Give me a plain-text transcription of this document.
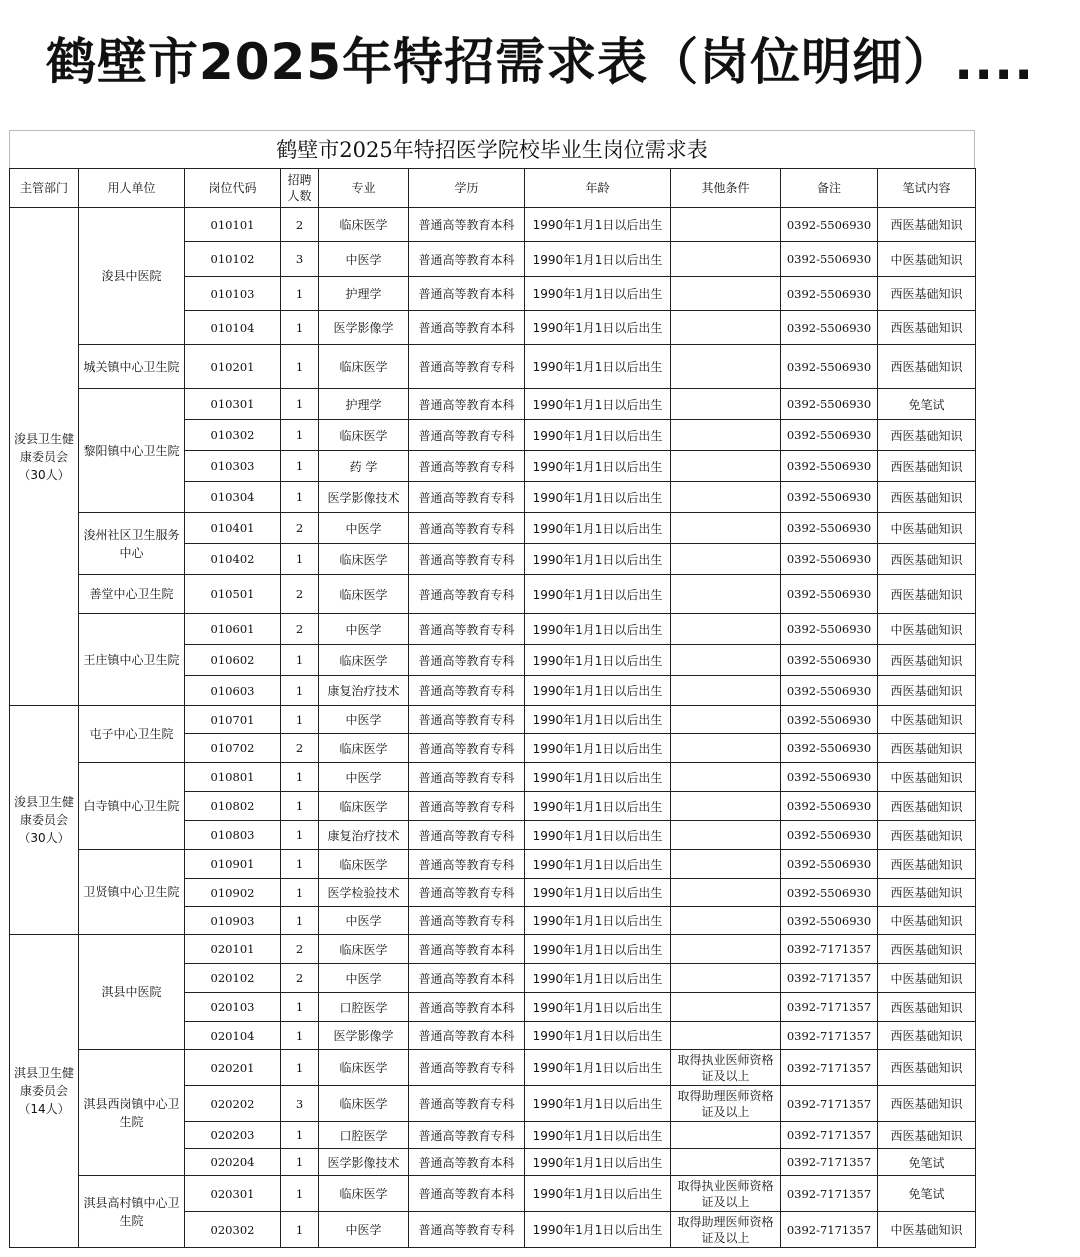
鹤壁市2025年特招需求表（岗位明细）....
鹤壁市2025年特招医学院校毕业生岗位需求表
主管部门	用人单位	岗位代码	招聘人数	专业	学历	年龄	其他条件	备注	笔试内容
浚县卫生健康委员会（30人）	浚县中医院	010101	2	临床医学	普通高等教育本科	1990年1月1日以后出生		0392-5506930	西医基础知识
		010102	3	中医学	普通高等教育本科	1990年1月1日以后出生		0392-5506930	中医基础知识
		010103	1	护理学	普通高等教育本科	1990年1月1日以后出生		0392-5506930	西医基础知识
		010104	1	医学影像学	普通高等教育本科	1990年1月1日以后出生		0392-5506930	西医基础知识
	城关镇中心卫生院	010201	1	临床医学	普通高等教育专科	1990年1月1日以后出生		0392-5506930	西医基础知识
	黎阳镇中心卫生院	010301	1	护理学	普通高等教育本科	1990年1月1日以后出生		0392-5506930	免笔试
		010302	1	临床医学	普通高等教育专科	1990年1月1日以后出生		0392-5506930	西医基础知识
		010303	1	药 学	普通高等教育专科	1990年1月1日以后出生		0392-5506930	西医基础知识
		010304	1	医学影像技术	普通高等教育专科	1990年1月1日以后出生		0392-5506930	西医基础知识
	浚州社区卫生服务中心	010401	2	中医学	普通高等教育专科	1990年1月1日以后出生		0392-5506930	中医基础知识
		010402	1	临床医学	普通高等教育专科	1990年1月1日以后出生		0392-5506930	西医基础知识
	善堂中心卫生院	010501	2	临床医学	普通高等教育专科	1990年1月1日以后出生		0392-5506930	西医基础知识
	王庄镇中心卫生院	010601	2	中医学	普通高等教育专科	1990年1月1日以后出生		0392-5506930	中医基础知识
		010602	1	临床医学	普通高等教育专科	1990年1月1日以后出生		0392-5506930	西医基础知识
		010603	1	康复治疗技术	普通高等教育专科	1990年1月1日以后出生		0392-5506930	西医基础知识
浚县卫生健康委员会（30人）	屯子中心卫生院	010701	1	中医学	普通高等教育专科	1990年1月1日以后出生		0392-5506930	中医基础知识
		010702	2	临床医学	普通高等教育专科	1990年1月1日以后出生		0392-5506930	西医基础知识
	白寺镇中心卫生院	010801	1	中医学	普通高等教育专科	1990年1月1日以后出生		0392-5506930	中医基础知识
		010802	1	临床医学	普通高等教育专科	1990年1月1日以后出生		0392-5506930	西医基础知识
		010803	1	康复治疗技术	普通高等教育专科	1990年1月1日以后出生		0392-5506930	西医基础知识
	卫贤镇中心卫生院	010901	1	临床医学	普通高等教育专科	1990年1月1日以后出生		0392-5506930	西医基础知识
		010902	1	医学检验技术	普通高等教育专科	1990年1月1日以后出生		0392-5506930	西医基础知识
		010903	1	中医学	普通高等教育专科	1990年1月1日以后出生		0392-5506930	中医基础知识
淇县卫生健康委员会（14人）	淇县中医院	020101	2	临床医学	普通高等教育本科	1990年1月1日以后出生		0392-7171357	西医基础知识
		020102	2	中医学	普通高等教育本科	1990年1月1日以后出生		0392-7171357	中医基础知识
		020103	1	口腔医学	普通高等教育本科	1990年1月1日以后出生		0392-7171357	西医基础知识
		020104	1	医学影像学	普通高等教育本科	1990年1月1日以后出生		0392-7171357	西医基础知识
	淇县西岗镇中心卫生院	020201	1	临床医学	普通高等教育专科	1990年1月1日以后出生	取得执业医师资格证及以上	0392-7171357	西医基础知识
		020202	3	临床医学	普通高等教育专科	1990年1月1日以后出生	取得助理医师资格证及以上	0392-7171357	西医基础知识
		020203	1	口腔医学	普通高等教育专科	1990年1月1日以后出生		0392-7171357	西医基础知识
		020204	1	医学影像技术	普通高等教育本科	1990年1月1日以后出生		0392-7171357	免笔试
	淇县高村镇中心卫生院	020301	1	临床医学	普通高等教育本科	1990年1月1日以后出生	取得执业医师资格证及以上	0392-7171357	免笔试
		020302	1	中医学	普通高等教育专科	1990年1月1日以后出生	取得助理医师资格证及以上	0392-7171357	中医基础知识
